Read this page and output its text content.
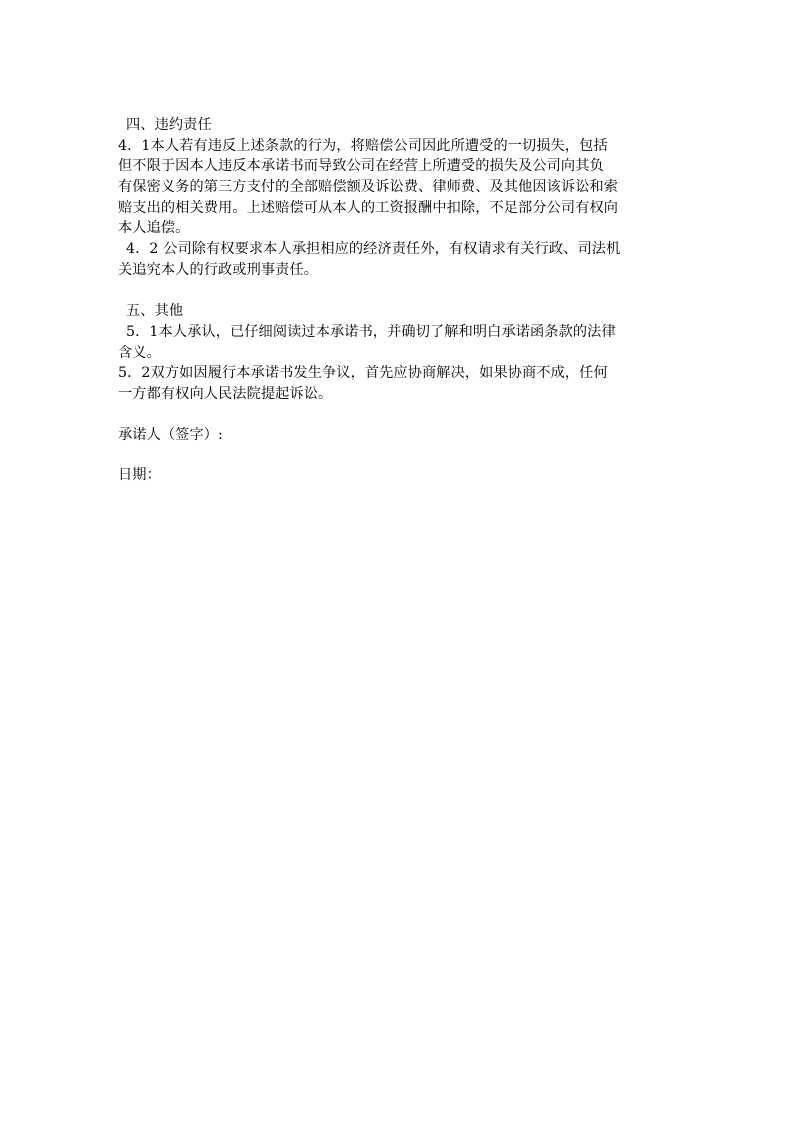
四、违约责任
4．1本人若有违反上述条款的行为，将赔偿公司因此所遭受的一切损失，包括
但不限于因本人违反本承诺书而导致公司在经营上所遭受的损失及公司向其负
有保密义务的第三方支付的全部赔偿额及诉讼费、律师费、及其他因该诉讼和索
赔支出的相关费用。上述赔偿可从本人的工资报酬中扣除，不足部分公司有权向
本人追偿。
4．2 公司除有权要求本人承担相应的经济责任外，有权请求有关行政、司法机
关追究本人的行政或刑事责任。
五、其他
5．1本人承认，已仔细阅读过本承诺书，并确切了解和明白承诺函条款的法律
含义。
5．2双方如因履行本承诺书发生争议，首先应协商解决，如果协商不成，任何
一方都有权向人民法院提起诉讼。
承诺人（签字）:
日期：
